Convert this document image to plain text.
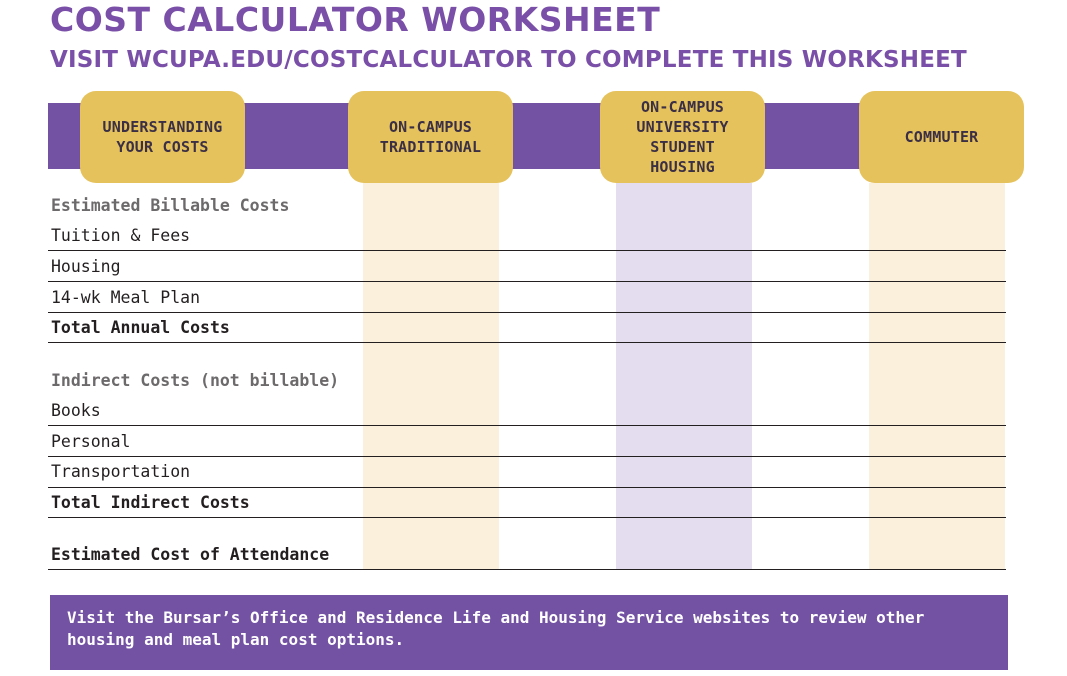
COST CALCULATOR WORKSHEET
VISIT WCUPA.EDU/COSTCALCULATOR TO COMPLETE THIS WORKSHEET
UNDERSTANDING
YOUR COSTS
ON-CAMPUS
TRADITIONAL
ON-CAMPUS
UNIVERSITY
STUDENT
HOUSING
COMMUTER
Estimated Billable Costs
Tuition & Fees
Housing
14-wk Meal Plan
Total Annual Costs
Indirect Costs (not billable)
Books
Personal
Transportation
Total Indirect Costs
Estimated Cost of Attendance
Visit the Bursar’s Office and Residence Life and Housing Service websites to review other housing and meal plan cost options.
